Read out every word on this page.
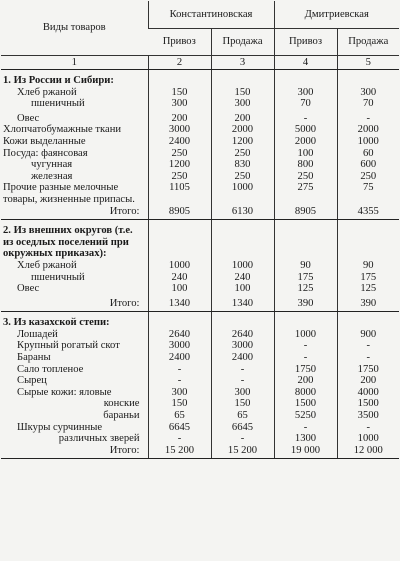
Виды товаров	Константиновская		Дмитриевская	
	Привоз	Продажа	Привоз	Продажа
1	2	3	4	5
1. Из России и Сибири:				
Хлеб ржаной	150	150	300	300
пшеничный	300	300	70	70
Овес	200	200	-	-
Хлопчатобумажные ткани	3000	2000	5000	2000
Кожи выделанные	2400	1200	2000	1000
Посуда: фаянсовая	250	250	100	60
чугунная	1200	830	800	600
железная	250	250	250	250
Прочие разные мелочные товары, жизненные припасы.	1105	1000	275	75
Итого:	8905	6130	8905	4355
2. Из внешних округов (т.е. из оседлых поселений при окружных приказах):				
Хлеб ржаной	1000	1000	90	90
пшеничный	240	240	175	175
Овес	100	100	125	125
Итого:	1340	1340	390	390
3. Из казахской степи:				
Лошадей	2640	2640	1000	900
Крупный рогатый скот	3000	3000	-	-
Бараны	2400	2400	-	-
Сало топленое	-	-	1750	1750
Сырец	-	-	200	200
Сырые кожи: яловые	300	300	8000	4000
конские	150	150	1500	1500
бараньи	65	65	5250	3500
Шкуры сурчинные	6645	6645	-	-
различных зверей	-	-	1300	1000
Итого:	15 200	15 200	19 000	12 000
